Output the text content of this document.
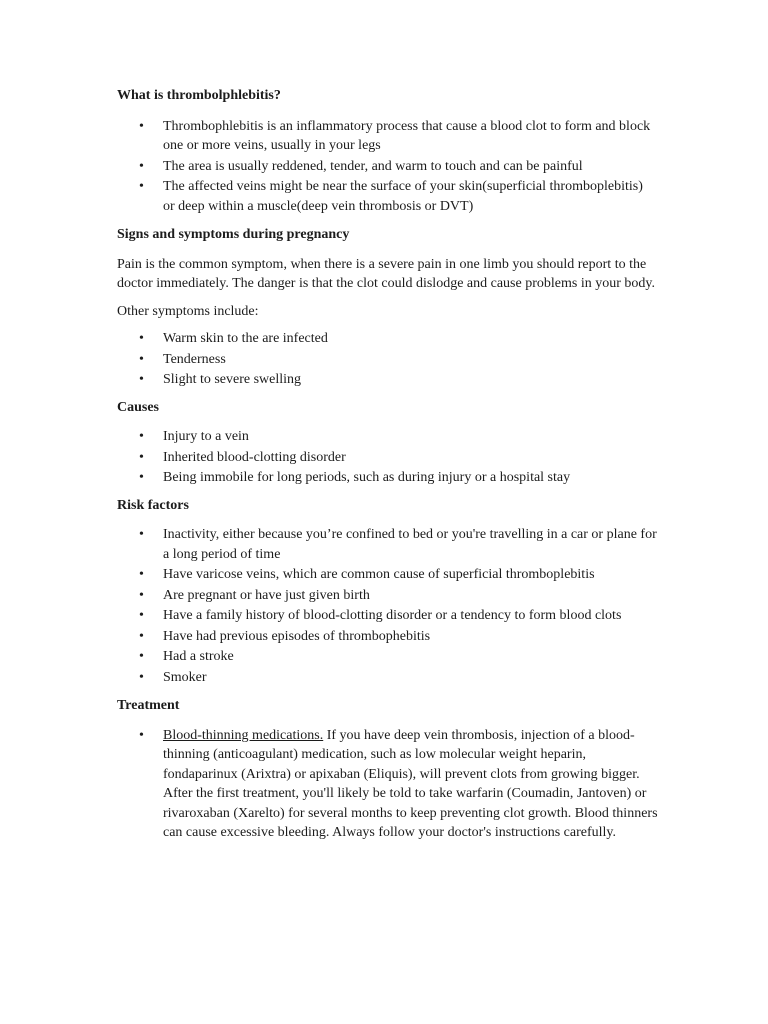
What is thrombolphlebitis?
• Thrombophlebitis is an inflammatory process that cause a blood clot to form and block one or more veins, usually in your legs
• The area is usually reddened, tender, and warm to touch and can be painful
• The affected veins might be near the surface of your skin(superficial thromboplebitis) or deep within a muscle(deep vein thrombosis or DVT)
Signs and symptoms during pregnancy

Pain is the common symptom, when there is a severe pain in one limb you should report to the doctor immediately. The danger is that the clot could dislodge and cause problems in your body.

Other symptoms include:

• Warm skin to the are infected
• Tenderness
• Slight to severe swelling
Causes
• Injury to a vein
• Inherited blood-clotting disorder
• Being immobile for long periods, such as during injury or a hospital stay
Risk factors
• Inactivity, either because you’re confined to bed or you're travelling in a car or plane for a long period of time
• Have varicose veins, which are common cause of superficial thromboplebitis
• Are pregnant or have just given birth
• Have a family history of blood-clotting disorder or a tendency to form blood clots
• Have had previous episodes of thrombophebitis
• Had a stroke
• Smoker
Treatment
• Blood-thinning medications. If you have deep vein thrombosis, injection of a blood-thinning (anticoagulant) medication, such as low molecular weight heparin, fondaparinux (Arixtra) or apixaban (Eliquis), will prevent clots from growing bigger. After the first treatment, you'll likely be told to take warfarin (Coumadin, Jantoven) or rivaroxaban (Xarelto) for several months to keep preventing clot growth. Blood thinners can cause excessive bleeding. Always follow your doctor's instructions carefully.
